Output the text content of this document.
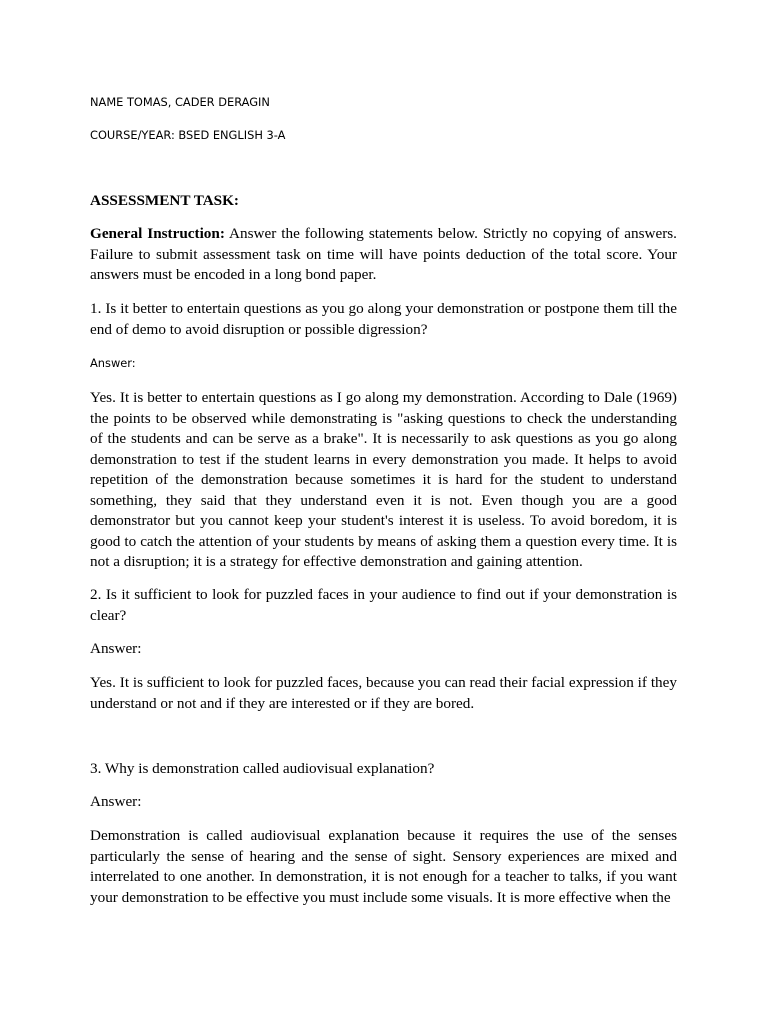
NAME TOMAS, CADER DERAGIN

COURSE/YEAR: BSED ENGLISH 3-A

ASSESSMENT TASK:

General Instruction: Answer the following statements below. Strictly no copying of answers. Failure to submit assessment task on time will have points deduction of the total score. Your answers must be encoded in a long bond paper.

1. Is it better to entertain questions as you go along your demonstration or postpone them till the end of demo to avoid disruption or possible digression?

Answer:

Yes. It is better to entertain questions as I go along my demonstration. According to Dale (1969) the points to be observed while demonstrating is "asking questions to check the understanding of the students and can be serve as a brake". It is necessarily to ask questions as you go along demonstration to test if the student learns in every demonstration you made. It helps to avoid repetition of the demonstration because sometimes it is hard for the student to understand something, they said that they understand even it is not. Even though you are a good demonstrator but you cannot keep your student's interest it is useless. To avoid boredom, it is good to catch the attention of your students by means of asking them a question every time. It is not a disruption; it is a strategy for effective demonstration and gaining attention.

2. Is it sufficient to look for puzzled faces in your audience to find out if your demonstration is clear?

Answer:

Yes. It is sufficient to look for puzzled faces, because you can read their facial expression if they understand or not and if they are interested or if they are bored.

3. Why is demonstration called audiovisual explanation?

Answer:

Demonstration is called audiovisual explanation because it requires the use of the senses particularly the sense of hearing and the sense of sight. Sensory experiences are mixed and interrelated to one another. In demonstration, it is not enough for a teacher to talks, if you want your demonstration to be effective you must include some visuals. It is more effective when the
